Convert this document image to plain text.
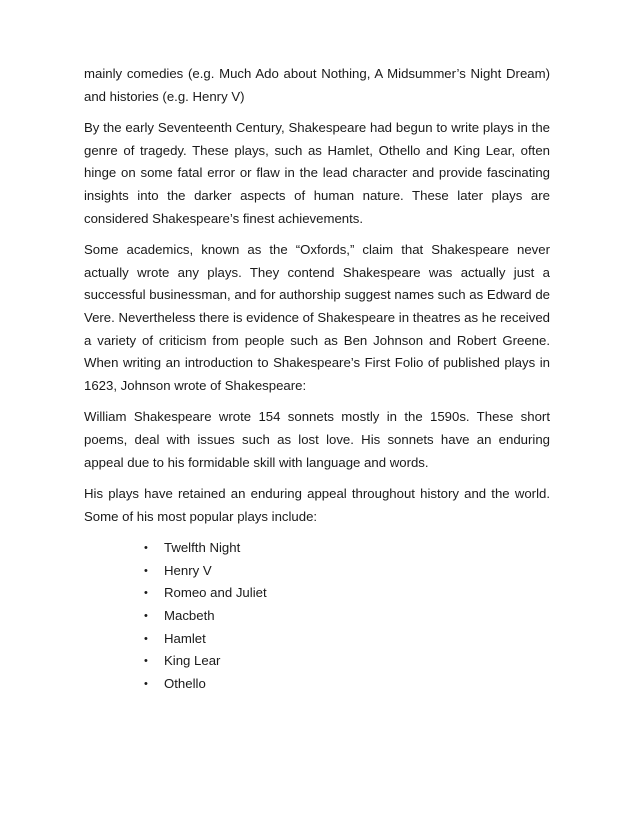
mainly comedies (e.g. Much Ado about Nothing, A Midsummer’s Night Dream) and histories (e.g. Henry V)

By the early Seventeenth Century, Shakespeare had begun to write plays in the genre of tragedy. These plays, such as Hamlet, Othello and King Lear, often hinge on some fatal error or flaw in the lead character and provide fascinating insights into the darker aspects of human nature. These later plays are considered Shakespeare’s finest achievements.

Some academics, known as the “Oxfords,” claim that Shakespeare never actually wrote any plays. They contend Shakespeare was actually just a successful businessman, and for authorship suggest names such as Edward de Vere. Nevertheless there is evidence of Shakespeare in theatres as he received a variety of criticism from people such as Ben Johnson and Robert Greene. When writing an introduction to Shakespeare’s First Folio of published plays in 1623, Johnson wrote of Shakespeare:

William Shakespeare wrote 154 sonnets mostly in the 1590s. These short poems, deal with issues such as lost love. His sonnets have an enduring appeal due to his formidable skill with language and words.

His plays have retained an enduring appeal throughout history and the world. Some of his most popular plays include:

• Twelfth Night
• Henry V
• Romeo and Juliet
• Macbeth
• Hamlet
• King Lear
• Othello
